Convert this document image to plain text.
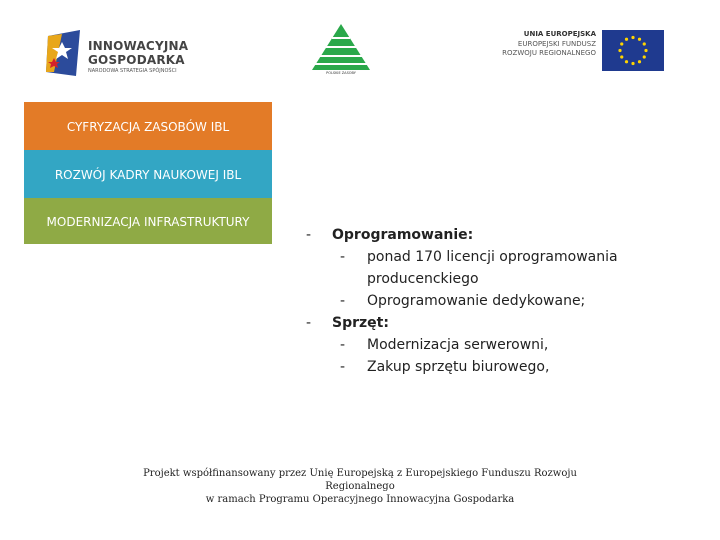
INNOWACYJNA
GOSPODARKA
NARODOWA STRATEGIA SPÓJNOŚCI	POLSKIE ZASOBY
UNIA EUROPEJSKA
EUROPEJSKI FUNDUSZ
ROZWOJU REGIONALNEGO
CYFRYZACJA ZASOBÓW IBL
ROZWÓJ KADRY NAUKOWEJ IBL
MODERNIZACJA INFRASTRUKTURY
- Oprogramowanie:
- ponad 170 licencji oprogramowania producenckiego
- Oprogramowanie dedykowane;
- Sprzęt:
- Modernizacja serwerowni,
- Zakup sprzętu biurowego,
Projekt współfinansowany przez Unię Europejską z Europejskiego Funduszu Rozwoju Regionalnego
w ramach Programu Operacyjnego Innowacyjna Gospodarka
